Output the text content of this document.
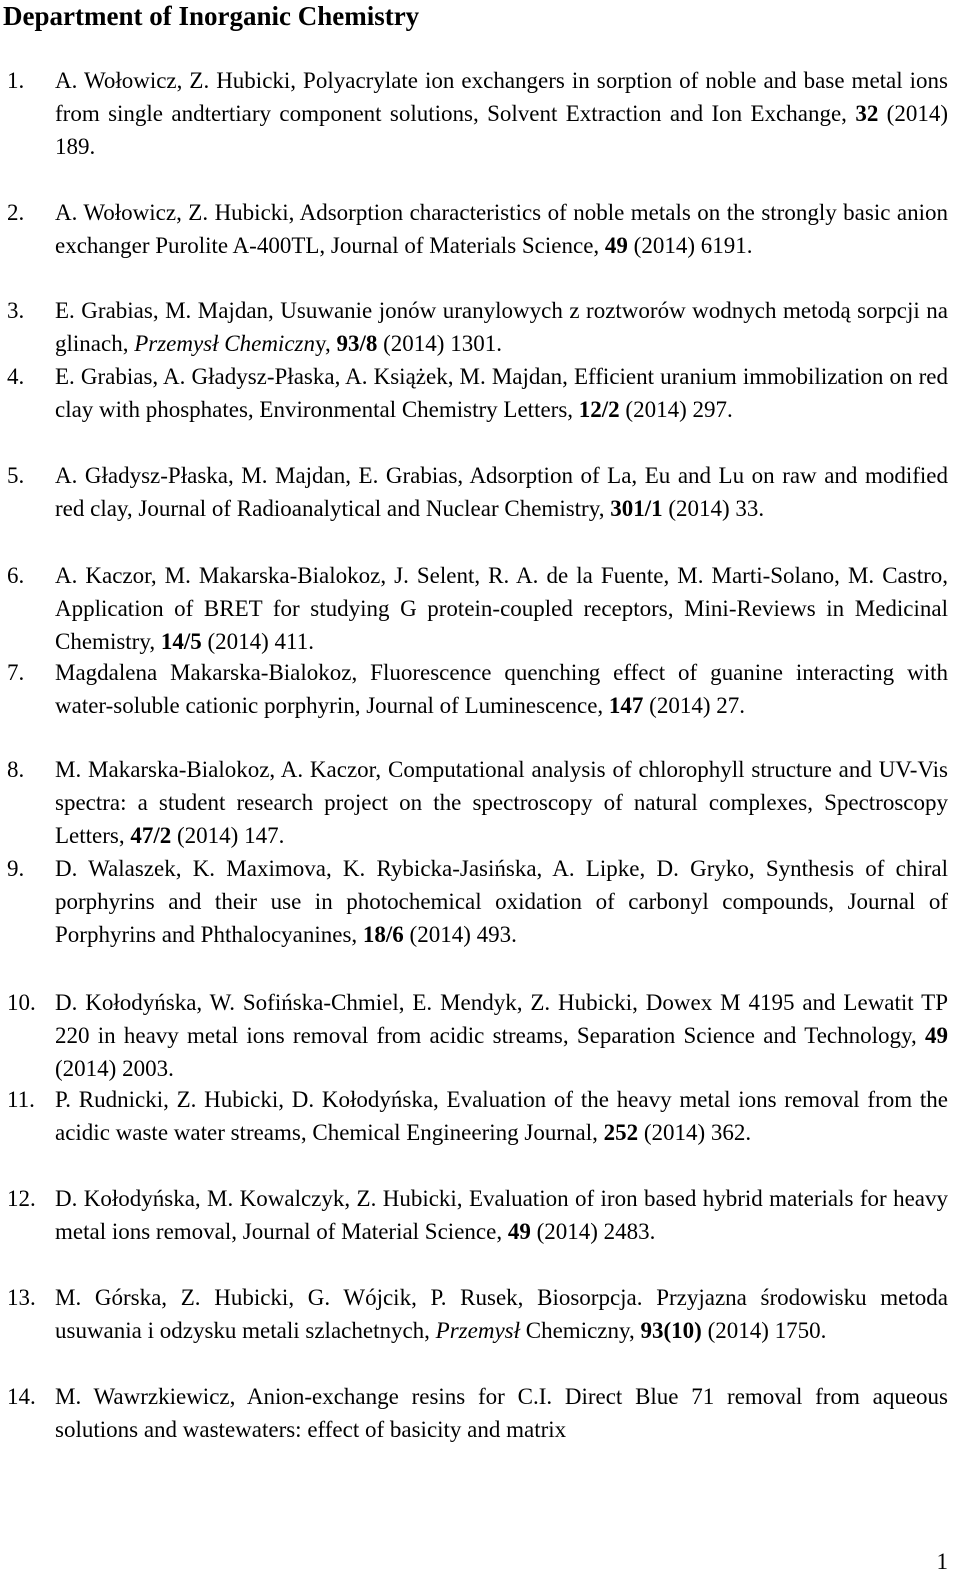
Department of Inorganic Chemistry
1.	A. Wołowicz, Z. Hubicki, Polyacrylate ion exchangers in sorption of noble and base metal ions from single andtertiary component solutions, Solvent Extraction and Ion Exchange, 32 (2014) 189.
2.	A. Wołowicz, Z. Hubicki, Adsorption characteristics of noble metals on the strongly basic anion exchanger Purolite A-400TL, Journal of Materials Science, 49 (2014) 6191.
3.	E. Grabias, M. Majdan, Usuwanie jonów uranylowych z roztworów wodnych metodą sorpcji na glinach, Przemysł Chemiczny, 93/8 (2014) 1301.
4.	E. Grabias, A. Gładysz-Płaska, A. Książek, M. Majdan, Efficient uranium immobilization on red clay with phosphates, Environmental Chemistry Letters, 12/2 (2014) 297.
5.	A. Gładysz-Płaska, M. Majdan, E. Grabias, Adsorption of La, Eu and Lu on raw and modified red clay, Journal of Radioanalytical and Nuclear Chemistry, 301/1 (2014) 33.
6.	A. Kaczor, M. Makarska-Bialokoz, J. Selent, R. A. de la Fuente, M. Marti-Solano, M. Castro, Application of BRET for studying G protein-coupled receptors, Mini-Reviews in Medicinal Chemistry, 14/5 (2014) 411.
7.	Magdalena Makarska-Bialokoz, Fluorescence quenching effect of guanine interacting with water-soluble cationic porphyrin, Journal of Luminescence, 147 (2014) 27.
8.	M. Makarska-Bialokoz, A. Kaczor, Computational analysis of chlorophyll structure and UV-Vis spectra: a student research project on the spectroscopy of natural complexes, Spectroscopy Letters, 47/2 (2014) 147.
9.	D. Walaszek, K. Maximova, K. Rybicka-Jasińska, A. Lipke, D. Gryko, Synthesis of chiral porphyrins and their use in photochemical oxidation of carbonyl compounds, Journal of Porphyrins and Phthalocyanines, 18/6 (2014) 493.
10. D. Kołodyńska, W. Sofińska-Chmiel, E. Mendyk, Z. Hubicki, Dowex M 4195 and Lewatit TP 220 in heavy metal ions removal from acidic streams, Separation Science and Technology, 49 (2014) 2003.
11. P. Rudnicki, Z. Hubicki, D. Kołodyńska, Evaluation of the heavy metal ions removal from the acidic waste water streams, Chemical Engineering Journal, 252 (2014) 362.
12. D. Kołodyńska, M. Kowalczyk, Z. Hubicki, Evaluation of iron based hybrid materials for heavy metal ions removal, Journal of Material Science, 49 (2014) 2483.
13. M. Górska, Z. Hubicki, G. Wójcik, P. Rusek, Biosorpcja. Przyjazna środowisku metoda usuwania i odzysku metali szlachetnych, Przemysł Chemiczny, 93(10) (2014) 1750.
14. M. Wawrzkiewicz, Anion-exchange resins for C.I. Direct Blue 71 removal from aqueous solutions and wastewaters: effect of basicity and matrix
1
